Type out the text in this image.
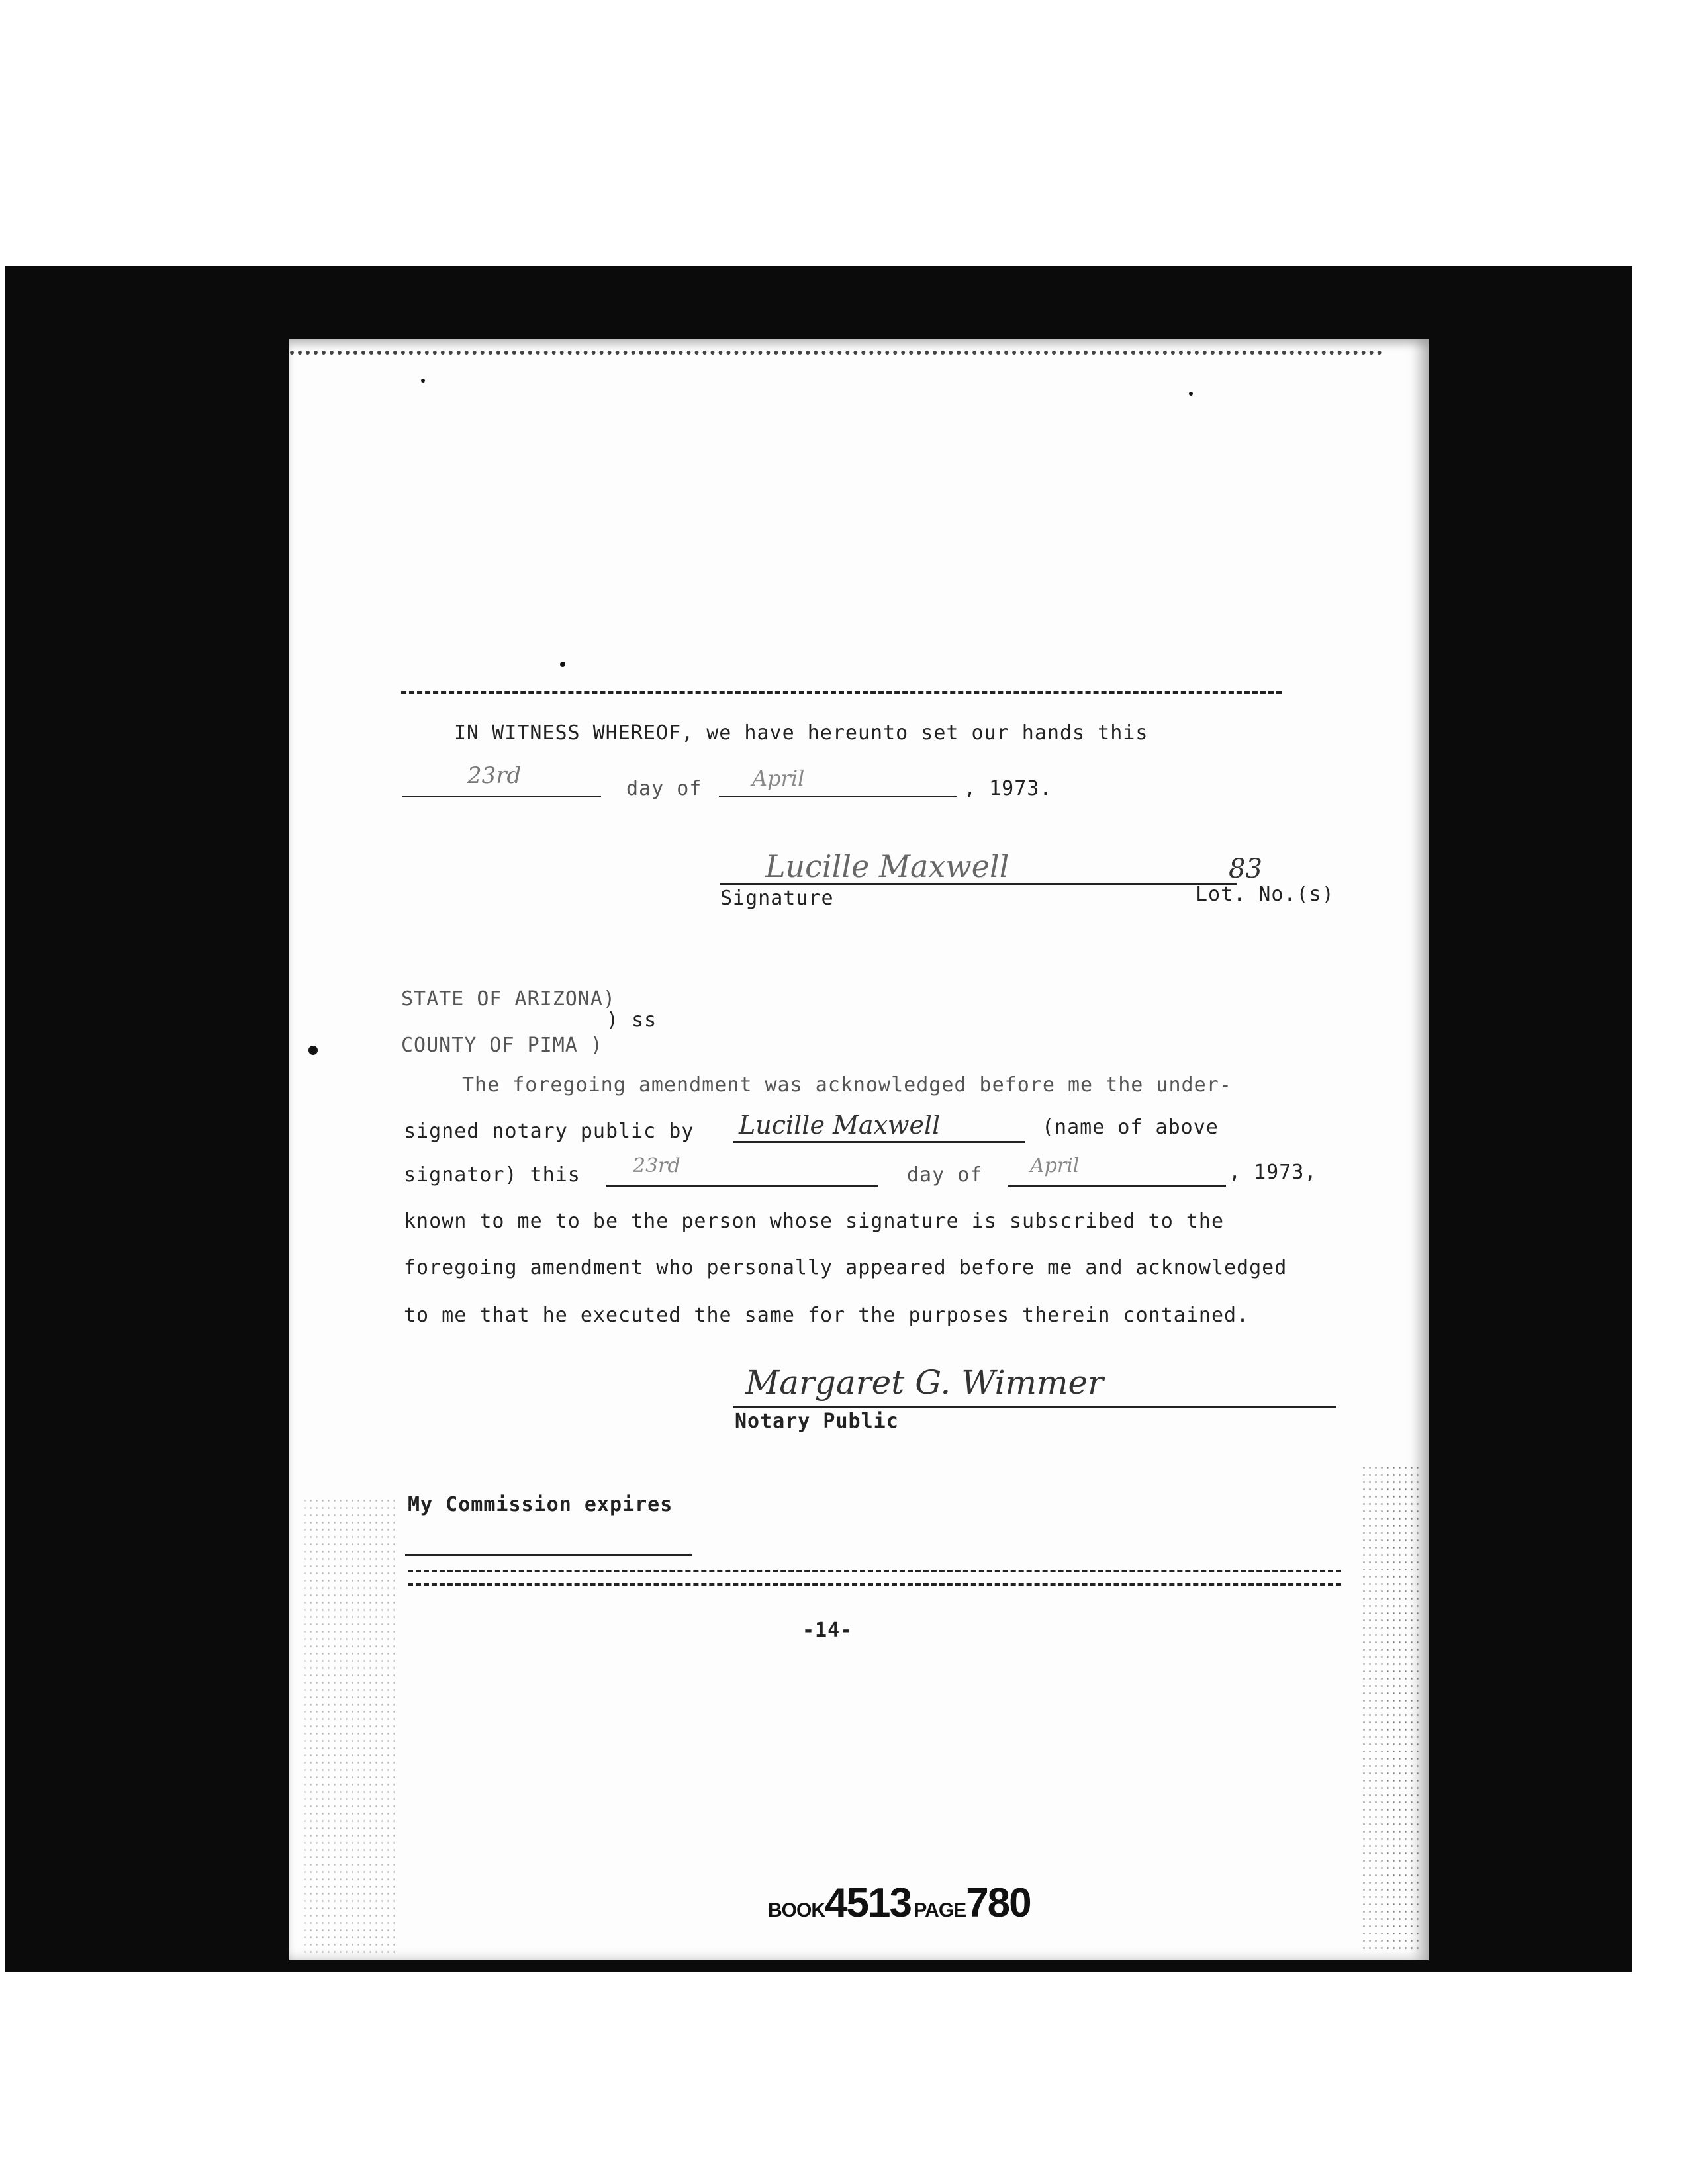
IN WITNESS WHEREOF, we have hereunto set our hands this
23rd	day of April	, 1973.
Lucille Maxwell	83
Signature	Lot. No.(s)
STATE OF ARIZONA)
) ss
COUNTY OF PIMA )
The foregoing amendment was acknowledged before me the under-
signed notary public by Lucille Maxwell	(name of above
signator) this	23rd	day of April	, 1973,
known to me to be the person whose signature is subscribed to the
foregoing amendment who personally appeared before me and acknowledged
to me that he executed the same for the purposes therein contained.
Margaret G. Wimmer
Notary Public
My Commission expires
-14-
BOOK4513 PAGE780
